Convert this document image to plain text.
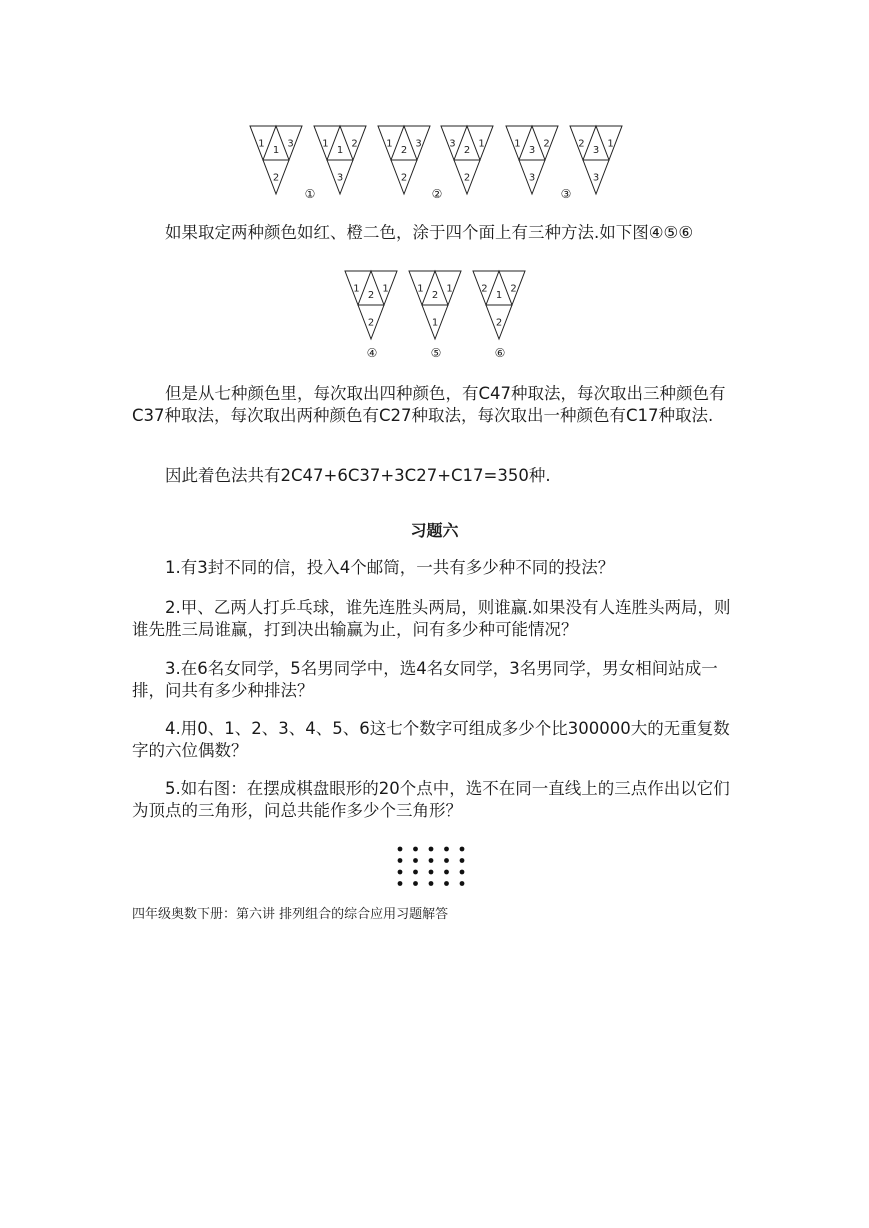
1 3
1
2
1 2
1
3
1 3
2
2
3 1
2
2
1 2
3
3
2 1
3
3
①	②	③

如果取定两种颜色如红、橙二色，涂于四个面上有三种方法.如下图④⑤⑥

1 1
2
2
1 1
2
1
2 2
1
2
④	⑤	⑥

但是从七种颜色里，每次取出四种颜色，有C47种取法，每次取出三种颜色有C37种取法，每次取出两种颜色有C27种取法，每次取出一种颜色有C17种取法.

因此着色法共有2C47+6C37+3C27+C17=350种.

习题六

1.有3封不同的信，投入4个邮筒，一共有多少种不同的投法？

2.甲、乙两人打乒乓球，谁先连胜头两局，则谁赢.如果没有人连胜头两局，则谁先胜三局谁赢，打到决出输赢为止，问有多少种可能情况？

3.在6名女同学，5名男同学中，选4名女同学，3名男同学，男女相间站成一排，问共有多少种排法？

4.用0、1、2、3、4、5、6这七个数字可组成多少个比300000大的无重复数字的六位偶数？

5.如右图：在摆成棋盘眼形的20个点中，选不在同一直线上的三点作出以它们为顶点的三角形，问总共能作多少个三角形？

四年级奥数下册：第六讲 排列组合的综合应用习题解答
